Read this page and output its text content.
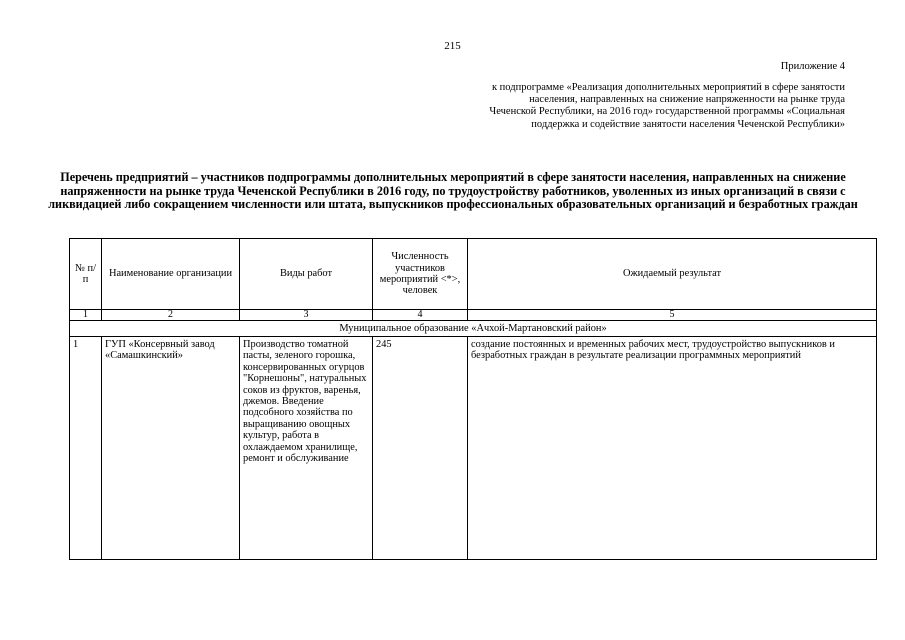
215
Приложение 4
к подпрограмме «Реализация дополнительных мероприятий в сфере занятости населения, направленных на снижение напряженности на рынке труда Чеченской Республики, на 2016 год» государственной программы «Социальная поддержка и содействие занятости населения Чеченской Республики»
Перечень предприятий – участников подпрограммы дополнительных мероприятий в сфере занятости населения, направленных на снижение напряженности на рынке труда Чеченской Республики в 2016 году, по трудоустройству работников, уволенных из иных организаций в связи с ликвидацией либо сокращением численности или штата, выпускников профессиональных образовательных организаций и безработных граждан
№ п/п	Наименование организации	Виды работ	Численность участников мероприятий <*>, человек	Ожидаемый результат
1	2	3	4	5
Муниципальное образование «Ачхой-Мартановский район»				
1	ГУП «Консервный завод «Самашкинский»	Производство томатной пасты, зеленого горошка, консервированных огурцов "Корнешоны", натуральных соков из фруктов, варенья, джемов. Введение подсобного хозяйства по выращиванию овощных культур, работа в охлаждаемом хранилище, ремонт и обслуживание	245	создание постоянных и временных рабочих мест, трудоустройство выпускников и безработных граждан в результате реализации программных мероприятий
